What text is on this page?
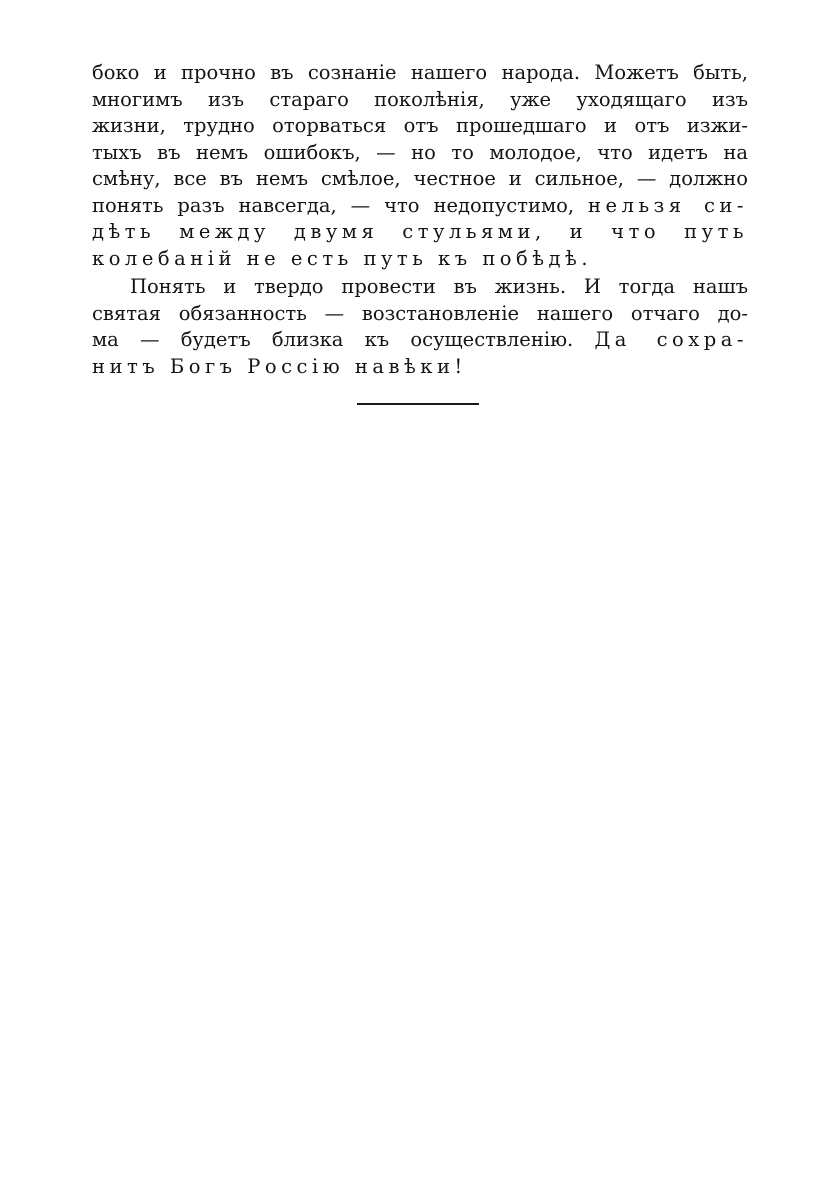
боко и прочно въ сознаніе нашего народа. Можетъ быть,
многимъ изъ стараго поколѣнія, уже уходящаго изъ
жизни, трудно оторваться отъ прошедшаго и отъ изжи-
тыхъ въ немъ ошибокъ, — но то молодое, что идетъ на
смѣну, все въ немъ смѣлое, честное и сильное, — должно
понять разъ навсегда, — что недопустимо, нельзя си-
дѣть между двумя стульями, и что путь
колебаній не есть путь къ побѣдѣ.
Понять и твердо провести въ жизнь. И тогда нашъ
святая обязанность — возстановленіе нашего отчаго до-
ма — будетъ близка къ осуществленію. Да сохра-
нитъ Богъ Россію навѣки!
